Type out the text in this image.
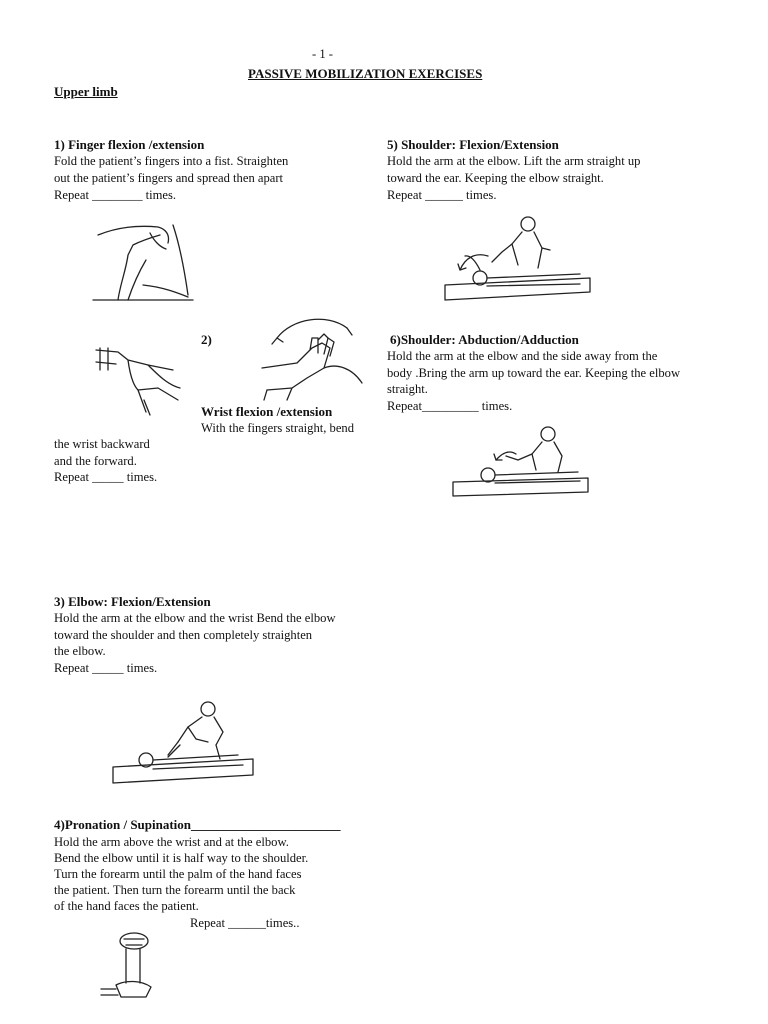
- 1 -
PASSIVE MOBILIZATION EXERCISES
Upper limb
1) Finger flexion /extension
Fold the patient’s fingers into a fist. Straighten
out the patient’s fingers and spread then apart
Repeat ________ times.
2)
Wrist flexion /extension
With the fingers straight, bend
the wrist backward
and the forward.
Repeat _____ times.
3) Elbow: Flexion/Extension
Hold the arm at the elbow and the wrist Bend the elbow
toward the shoulder and then completely straighten
the elbow.
Repeat _____ times.
4)Pronation / Supination_______________________
Hold the arm above the wrist and at the elbow.
Bend the elbow until it is half way to the shoulder.
Turn the forearm until the palm of the hand faces
the patient. Then turn the forearm until the back
of the hand faces the patient.
Repeat ______times..
5) Shoulder: Flexion/Extension
Hold the arm at the elbow. Lift the arm straight up
toward the ear. Keeping the elbow straight.
Repeat ______ times.
6)Shoulder: Abduction/Adduction
Hold the arm at the elbow and the side away from the
body .Bring the arm up toward the ear. Keeping the elbow
straight.
Repeat_________ times.
